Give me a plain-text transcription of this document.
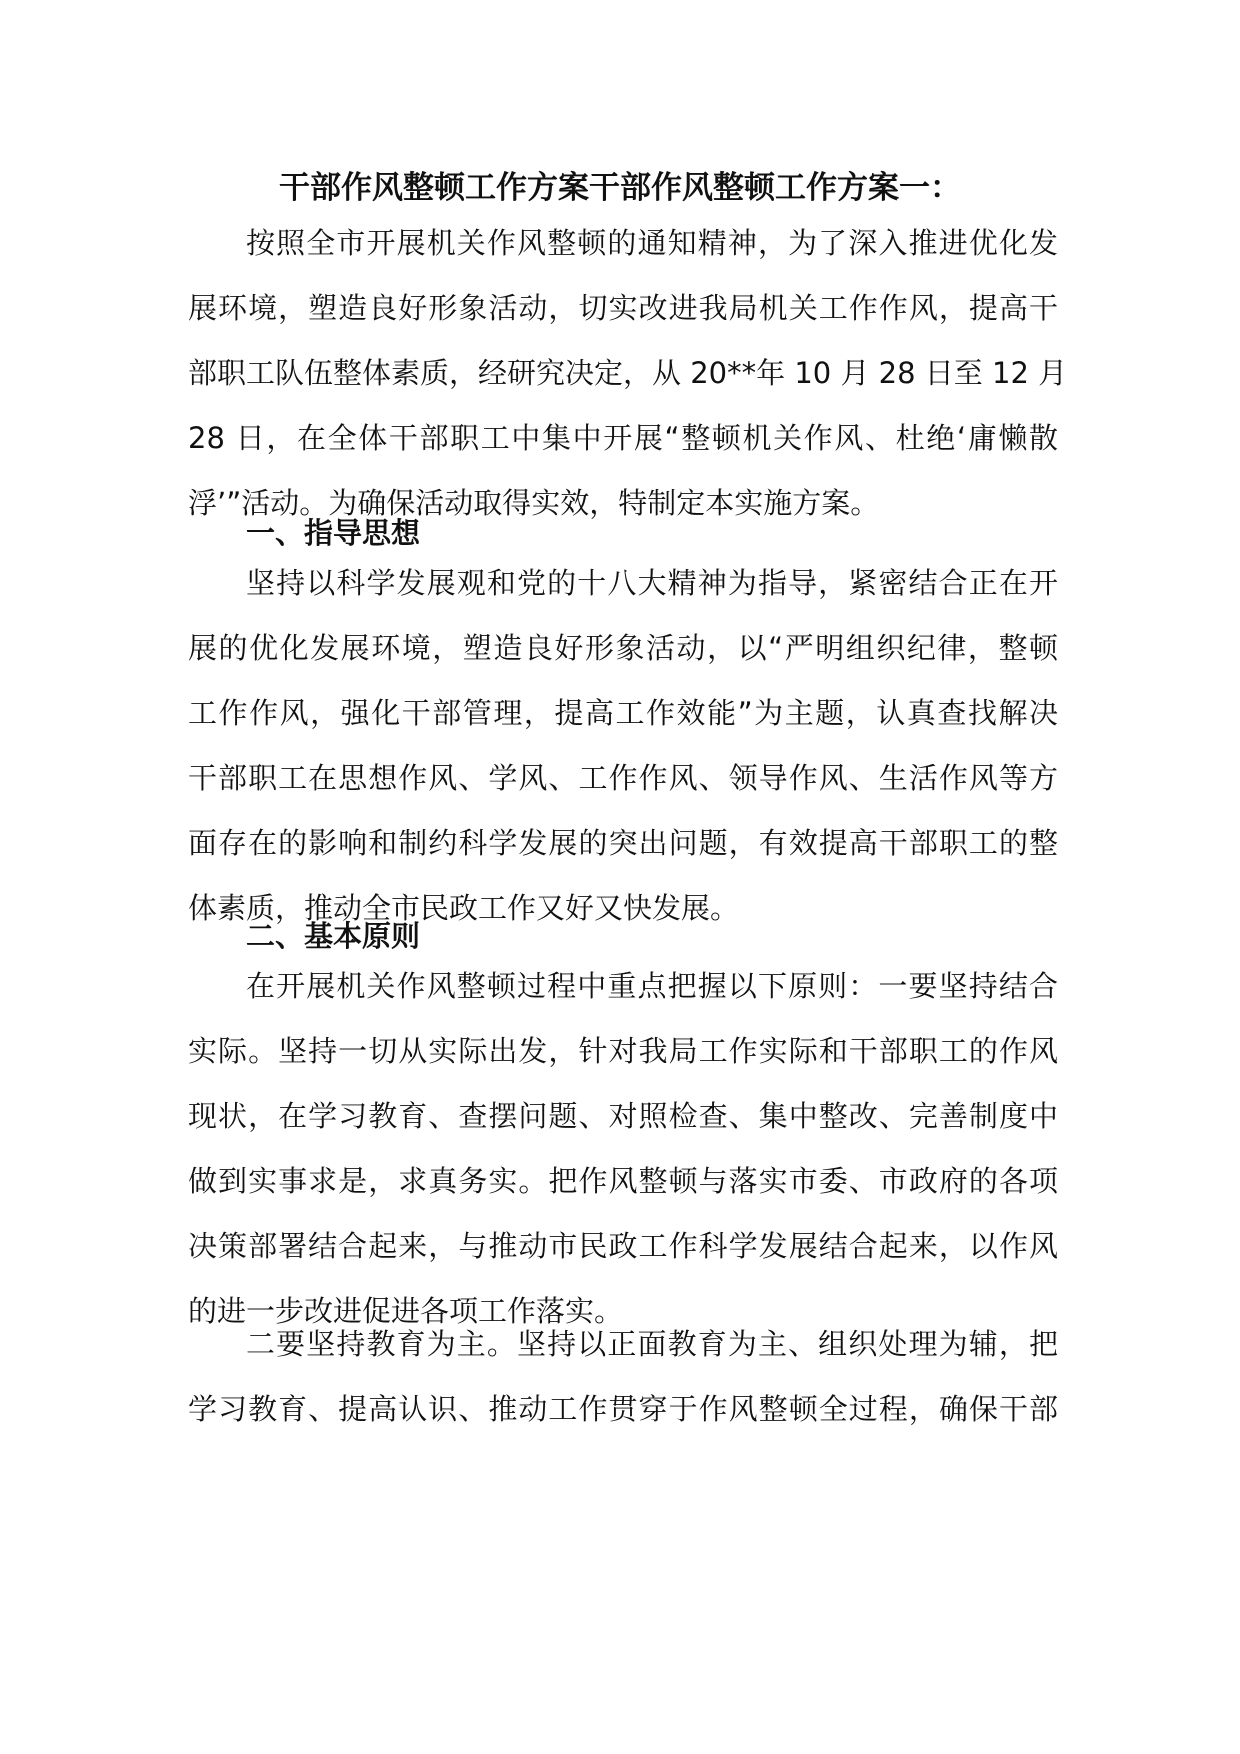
干部作风整顿工作方案干部作风整顿工作方案一：
按照全市开展机关作风整顿的通知精神，为了深入推进优化发
展环境，塑造良好形象活动，切实改进我局机关工作作风，提高干
部职工队伍整体素质，经研究决定，从 20**年 10 月 28 日至 12 月
28 日，在全体干部职工中集中开展“整顿机关作风、杜绝‘庸懒散
浮’”活动。为确保活动取得实效，特制定本实施方案。
一、指导思想
坚持以科学发展观和党的十八大精神为指导，紧密结合正在开
展的优化发展环境，塑造良好形象活动，以“严明组织纪律，整顿
工作作风，强化干部管理，提高工作效能”为主题，认真查找解决
干部职工在思想作风、学风、工作作风、领导作风、生活作风等方
面存在的影响和制约科学发展的突出问题，有效提高干部职工的整
体素质，推动全市民政工作又好又快发展。
二、基本原则
在开展机关作风整顿过程中重点把握以下原则：一要坚持结合
实际。坚持一切从实际出发，针对我局工作实际和干部职工的作风
现状，在学习教育、查摆问题、对照检查、集中整改、完善制度中
做到实事求是，求真务实。把作风整顿与落实市委、市政府的各项
决策部署结合起来，与推动市民政工作科学发展结合起来，以作风
的进一步改进促进各项工作落实。
二要坚持教育为主。坚持以正面教育为主、组织处理为辅，把
学习教育、提高认识、推动工作贯穿于作风整顿全过程，确保干部
